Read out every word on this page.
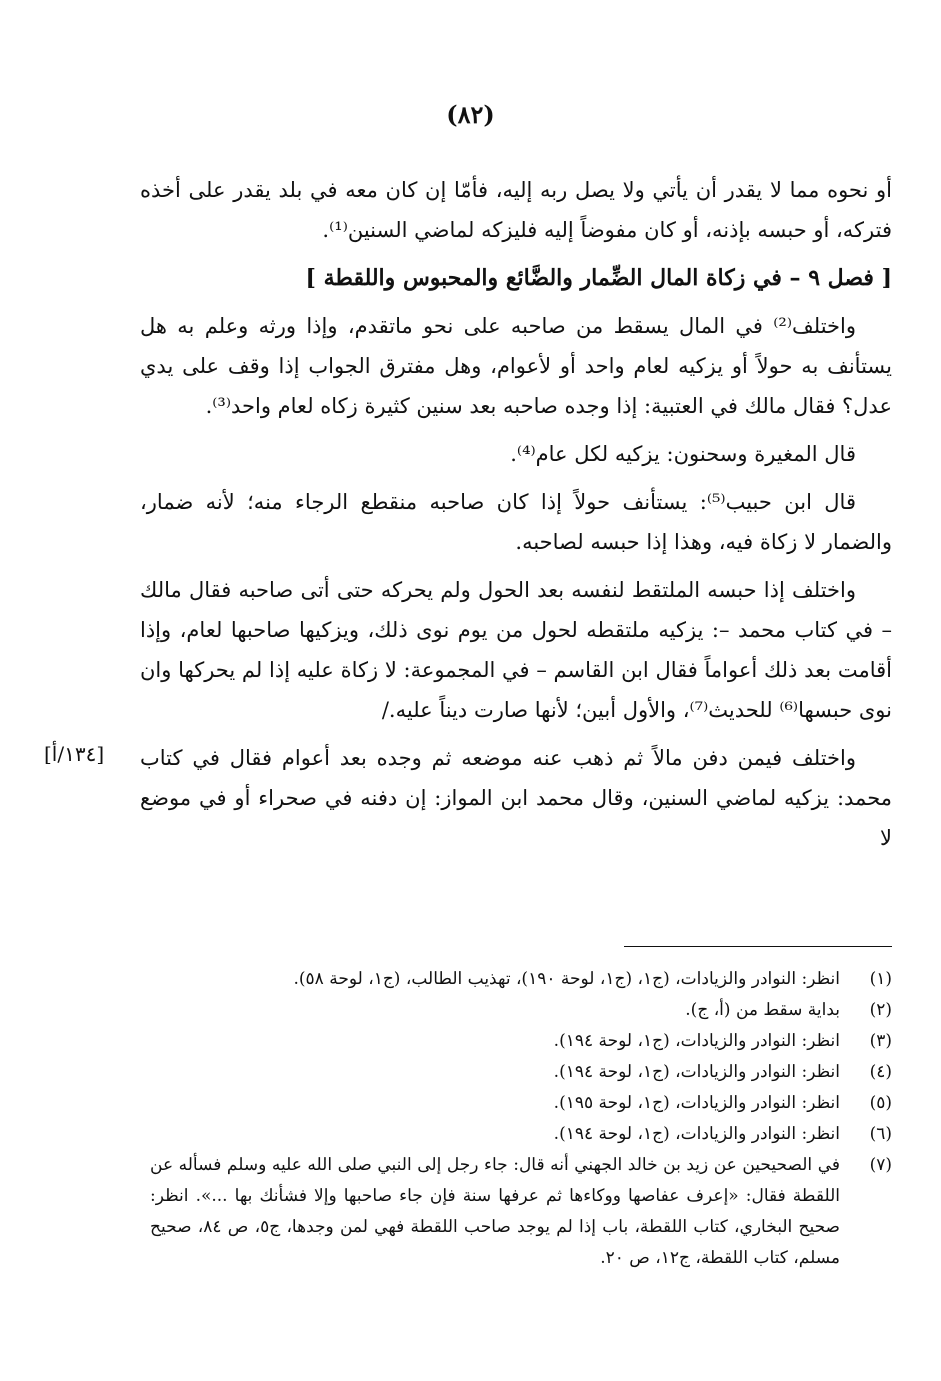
(٨٢)

أو نحوه مما لا يقدر أن يأتي ولا يصل ربه إليه، فأمّا إن كان معه في بلد يقدر على أخذه فتركه، أو حبسه بإذنه، أو كان مفوضاً إليه فليزكه لماضي السنين⁽¹⁾.

[ فصل ٩ – في زكاة المال الضِّمار والضَّائع والمحبوس واللقطة ]

واختلف⁽²⁾ في المال يسقط من صاحبه على نحو ماتقدم، وإذا ورثه وعلم به هل يستأنف به حولاً أو يزكيه لعام واحد أو لأعوام، وهل مفترق الجواب إذا وقف على يدي عدل؟ فقال مالك في العتبية: إذا وجده صاحبه بعد سنين كثيرة زكاه لعام واحد⁽³⁾.

قال المغيرة وسحنون: يزكيه لكل عام⁽⁴⁾.

قال ابن حبيب⁽⁵⁾: يستأنف حولاً إذا كان صاحبه منقطع الرجاء منه؛ لأنه ضمار، والضمار لا زكاة فيه، وهذا إذا حبسه لصاحبه.

واختلف إذا حبسه الملتقط لنفسه بعد الحول ولم يحركه حتى أتى صاحبه فقال مالك – في كتاب محمد –: يزكيه ملتقطه لحول من يوم نوى ذلك، ويزكيها صاحبها لعام، وإذا أقامت بعد ذلك أعواماً فقال ابن القاسم – في المجموعة: لا زكاة عليه إذا لم يحركها وان نوى حبسها⁽⁶⁾ للحديث⁽⁷⁾، والأول أبين؛ لأنها صارت ديناً عليه./

واختلف فيمن دفن مالاً ثم ذهب عنه موضعه ثم وجده بعد أعوام فقال في كتاب محمد: يزكيه لماضي السنين، وقال محمد ابن المواز: إن دفنه في صحراء أو في موضع لا

[١٣٤/أ]
(١)
انظر: النوادر والزيادات، (ج١، (ج١، لوحة ١٩٠)، تهذيب الطالب، (ج١، لوحة ٥٨).
(٢)
بداية سقط من (أ، ج).
(٣)
انظر: النوادر والزيادات، (ج١، لوحة ١٩٤).
(٤)
انظر: النوادر والزيادات، (ج١، لوحة ١٩٤).
(٥)
انظر: النوادر والزيادات، (ج١، لوحة ١٩٥).
(٦)
انظر: النوادر والزيادات، (ج١، لوحة ١٩٤).
(٧)
في الصحيحين عن زيد بن خالد الجهني أنه قال: جاء رجل إلى النبي صلى الله عليه وسلم فسأله عن اللقطة فقال: «إعرف عفاصها ووكاءها ثم عرفها سنة فإن جاء صاحبها وإلا فشأنك بها ...». انظر: صحيح البخاري، كتاب اللقطة، باب إذا لم يوجد صاحب اللقطة فهي لمن وجدها، ج٥، ص ٨٤، صحيح مسلم، كتاب اللقطة، ج١٢، ص ٢٠.
